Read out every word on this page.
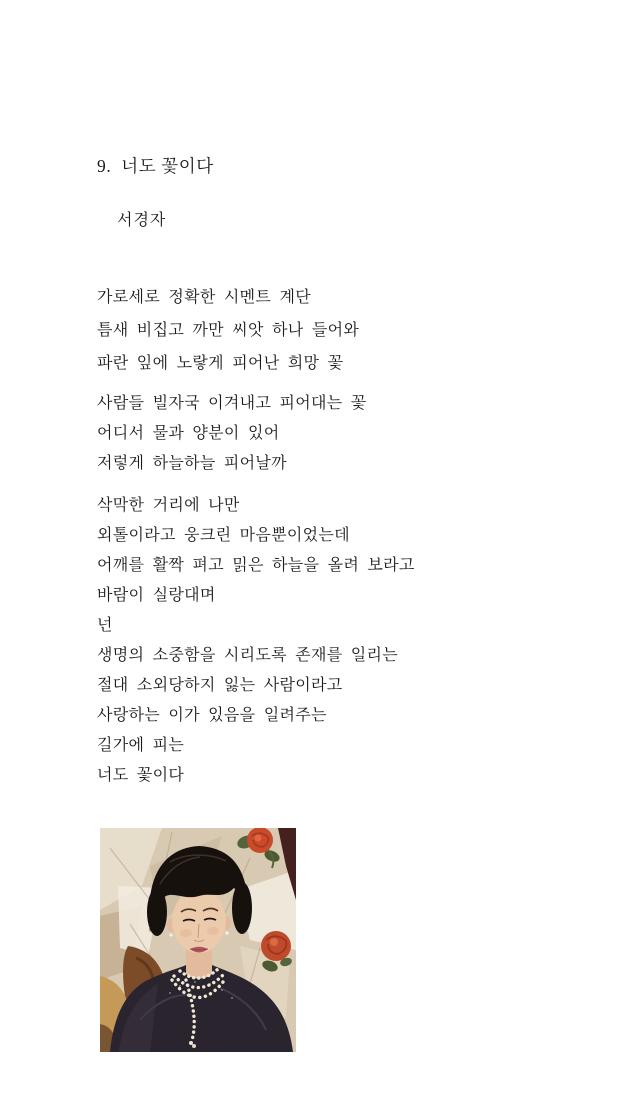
9.  너도 꽃이다
서경자
가로세로 정확한 시멘트 계단
틈새 비집고 까만 씨앗 하나 들어와
파란 잎에 노랗게 피어난 희망 꽃
사람들 빌자국 이겨내고 피어대는 꽃
어디서 물과 양분이 있어
저렇게 하늘하늘 피어날까
삭막한 거리에 나만
외톨이라고 웅크린 마음뿐이었는데
어깨를 활짝 펴고 밁은 하늘을 올려 보라고
바람이 실랑대며
넌
생명의 소중함을 시리도록 존재를 일리는
절대 소외당하지 잃는 사람이라고
사랑하는 이가 있음을 일려주는
길가에 피는
너도 꽃이다
